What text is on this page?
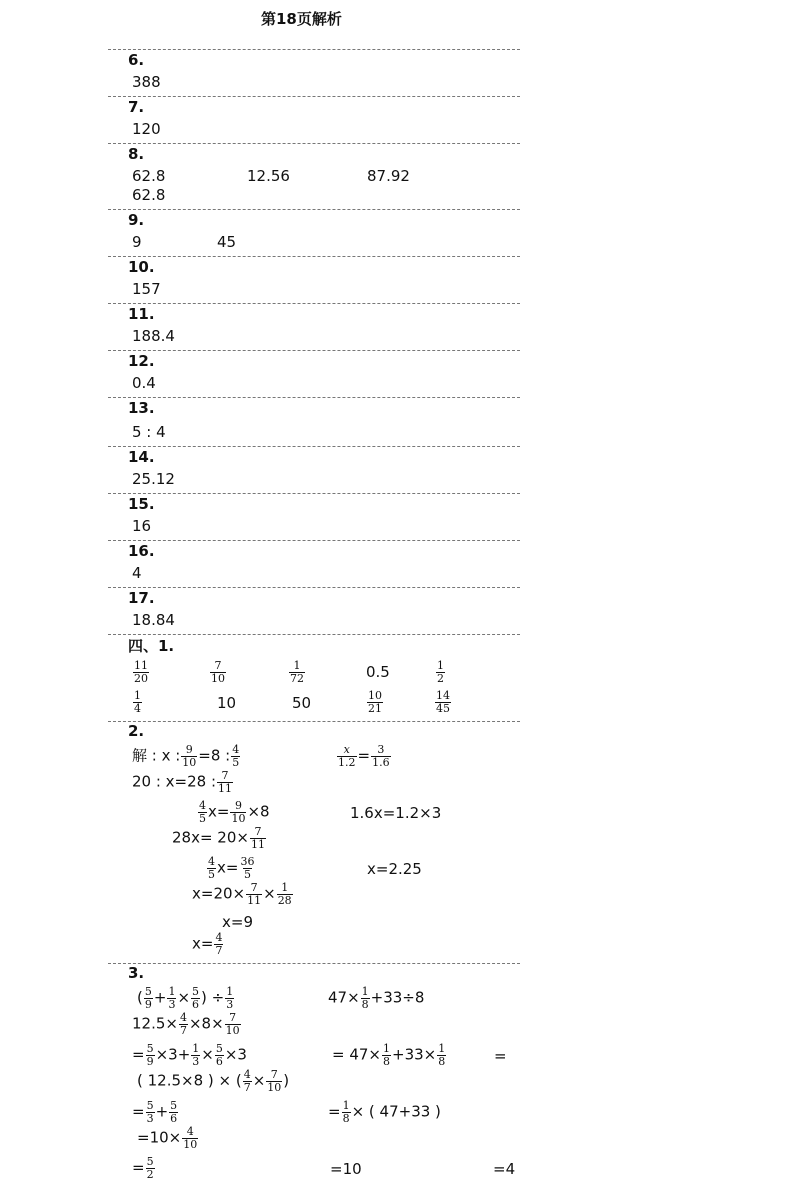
第18页解析
6.
388
7.
120
8.
62.8	12.56	87.92
62.8
9.
9	45
10.
157
11.
188.4
12.
0.4
13.
5 : 4
14.
25.12
15.
16
16.
4
17.
18.84
四、1.
$\frac{11}{20}$	$\frac{7}{10}$	$\frac{1}{72}$	0.5	$\frac{1}{2}$
$\frac{1}{4}$	10	50	$\frac{10}{21}$	$\frac{14}{45}$
2.
解 : x : $\frac{9}{10} =8$ : $\frac{4}{5}$	$\frac{x}{1.2} = \frac{3}{1.6}$
20 : x=28 : $\frac{7}{11}$
$\frac{4}{5} x= \frac{9}{10} \times 8$	1.6x=1.2×3
$28x= 20\times \frac{7}{11}$
$\frac{4}{5} x= \frac{36}{5}$	x=2.25
$x=20\times \frac{7}{11} \times \frac{1}{28}$
x=9
$x= \frac{4}{7}$
3.
( $\frac{5}{9} + \frac{1}{3} \times \frac{5}{6}$ ) ÷ $\frac{1}{3}$	$47\times \frac{1}{8} +33\div 8$
$12.5\times \frac{4}{7} \times 8\times \frac{7}{10}$
= $\frac{5}{9} \times 3+ \frac{1}{3} \times \frac{5}{6} \times 3$	= $47\times \frac{1}{8} +33\times \frac{1}{8}$	=
( 12.5×8 ) × ( $\frac{4}{7} \times \frac{7}{10}$ )
= $\frac{5}{3} + \frac{5}{6}$	= $\frac{1}{8}$ × ( 47+33 )
$=10\times \frac{4}{10}$
= $\frac{5}{2}$	=10	=4
